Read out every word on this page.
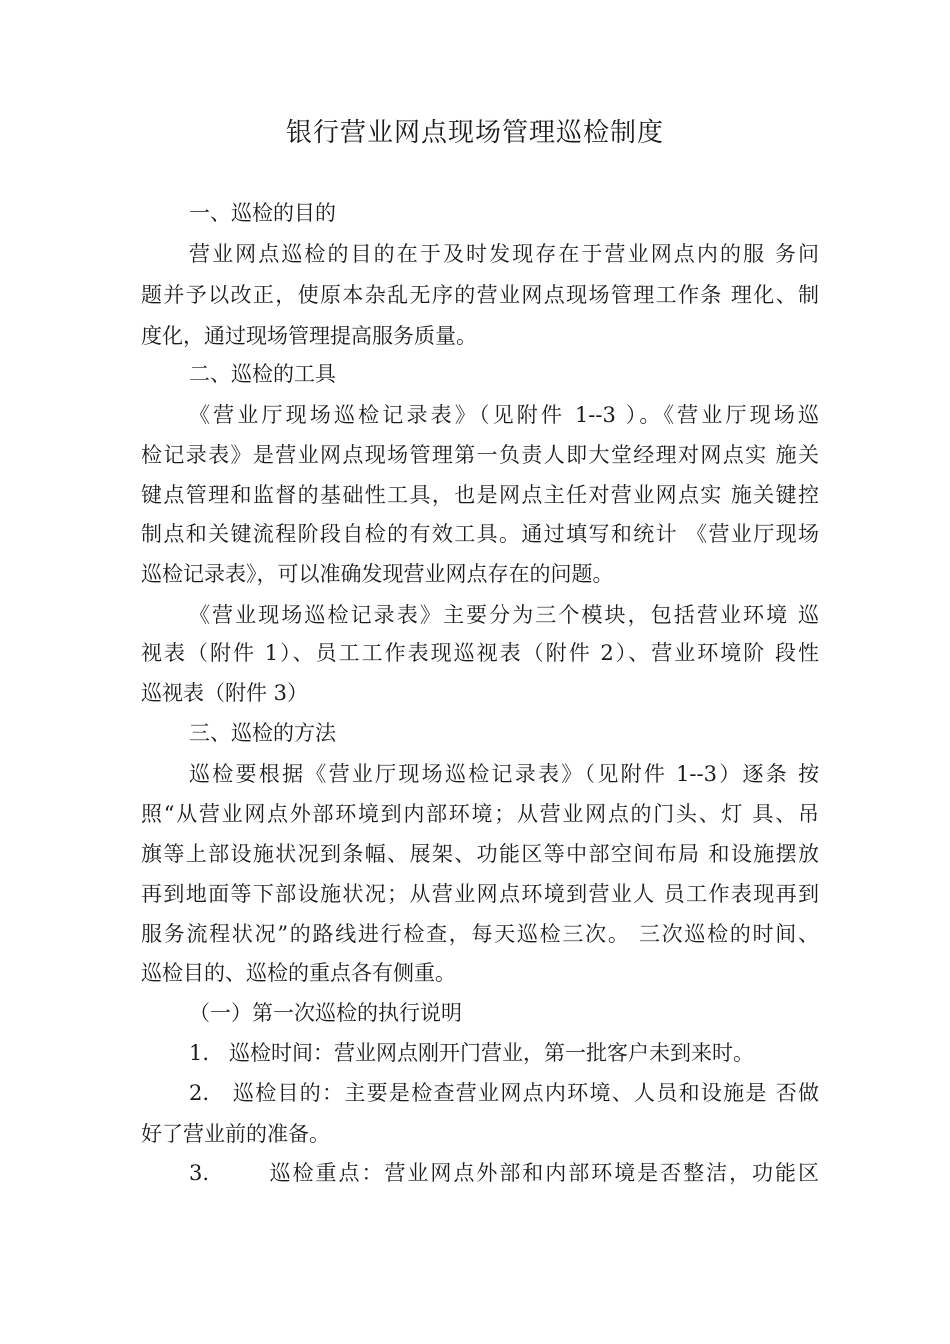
银行营业网点现场管理巡检制度
一、巡检的目的
营业网点巡检的目的在于及时发现存在于营业网点内的服 务问
题并予以改正，使原本杂乱无序的营业网点现场管理工作条 理化、制
度化，通过现场管理提高服务质量。
二、巡检的工具
《营业厅现场巡检记录表》（见附件 1--3 ）。《营业厅现场巡
检记录表》是营业网点现场管理第一负责人即大堂经理对网点实 施关
键点管理和监督的基础性工具，也是网点主任对营业网点实 施关键控
制点和关键流程阶段自检的有效工具。通过填写和统计 《营业厅现场
巡检记录表》，可以准确发现营业网点存在的问题。
《营业现场巡检记录表》主要分为三个模块，包括营业环境 巡
视表（附件 1）、员工工作表现巡视表（附件 2）、营业环境阶 段性
巡视表（附件 3）
三、巡检的方法
巡检要根据《营业厅现场巡检记录表》（见附件 1--3）逐条 按
照“从营业网点外部环境到内部环境；从营业网点的门头、灯 具、吊
旗等上部设施状况到条幅、展架、功能区等中部空间布局 和设施摆放
再到地面等下部设施状况；从营业网点环境到营业人 员工作表现再到
服务流程状况”的路线进行检查，每天巡检三次。 三次巡检的时间、
巡检目的、巡检的重点各有侧重。
（一）第一次巡检的执行说明
1.   巡检时间：营业网点刚开门营业，第一批客户未到来时。
2.   巡检目的：主要是检查营业网点内环境、人员和设施是 否做
好了营业前的准备。
3.       巡检重点：营业网点外部和内部环境是否整洁，功能区
